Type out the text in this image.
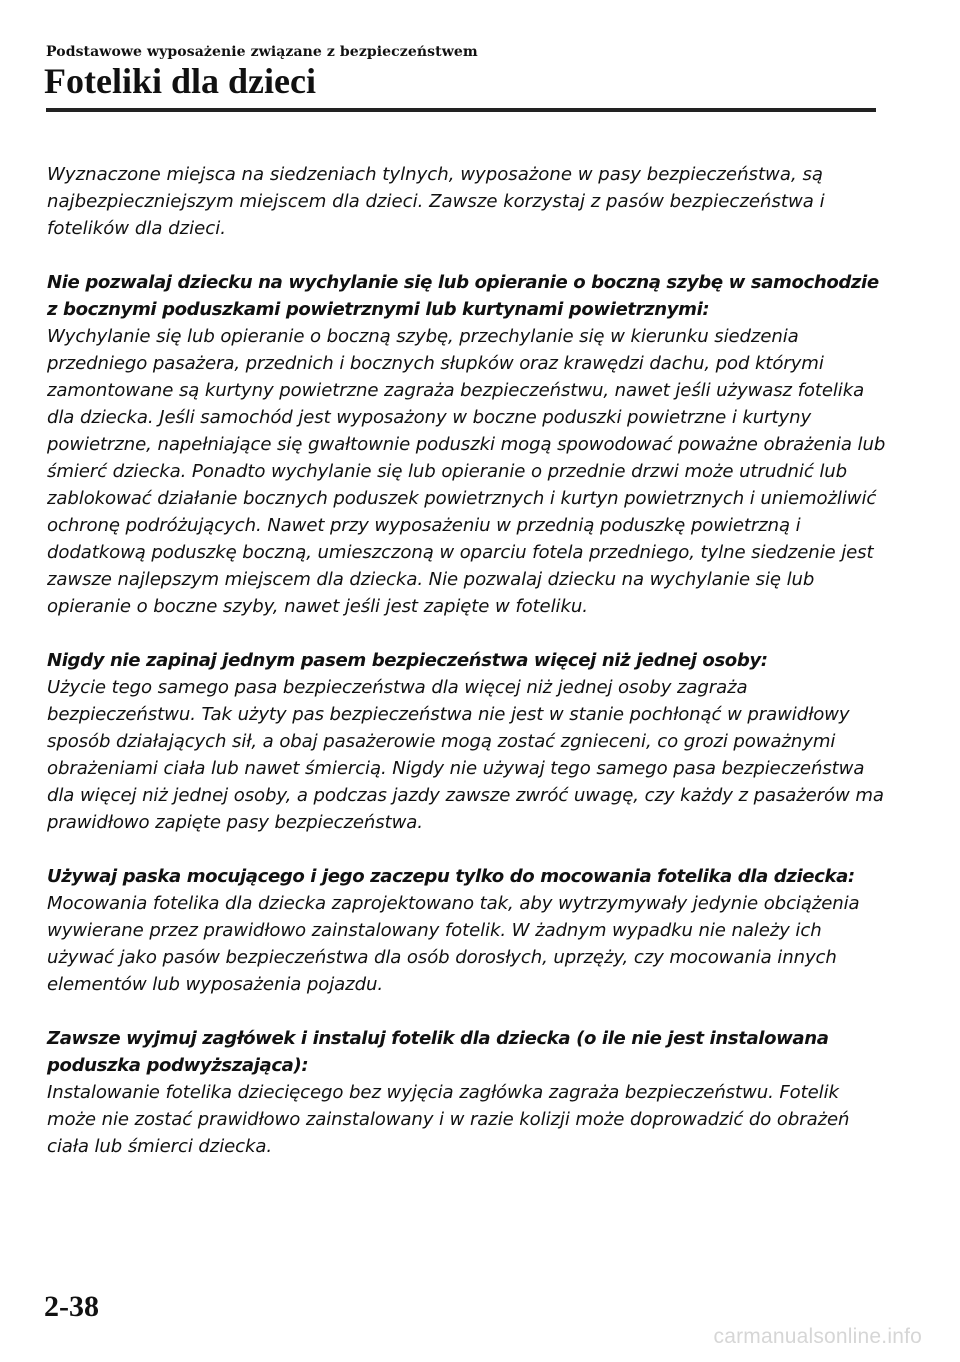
Podstawowe wyposażenie związane z bezpieczeństwem
Foteliki dla dzieci

Wyznaczone miejsca na siedzeniach tylnych, wyposażone w pasy bezpieczeństwa, są najbezpieczniejszym miejscem dla dzieci. Zawsze korzystaj z pasów bezpieczeństwa i fotelików dla dzieci.

Nie pozwalaj dziecku na wychylanie się lub opieranie o boczną szybę w samochodzie z bocznymi poduszkami powietrznymi lub kurtynami powietrznymi:

Wychylanie się lub opieranie o boczną szybę, przechylanie się w kierunku siedzenia przedniego pasażera, przednich i bocznych słupków oraz krawędzi dachu, pod którymi zamontowane są kurtyny powietrzne zagraża bezpieczeństwu, nawet jeśli używasz fotelika dla dziecka. Jeśli samochód jest wyposażony w boczne poduszki powietrzne i kurtyny powietrzne, napełniające się gwałtownie poduszki mogą spowodować poważne obrażenia lub śmierć dziecka. Ponadto wychylanie się lub opieranie o przednie drzwi może utrudnić lub zablokować działanie bocznych poduszek powietrznych i kurtyn powietrznych i uniemożliwić ochronę podróżujących. Nawet przy wyposażeniu w przednią poduszkę powietrzną i dodatkową poduszkę boczną, umieszczoną w oparciu fotela przedniego, tylne siedzenie jest zawsze najlepszym miejscem dla dziecka. Nie pozwalaj dziecku na wychylanie się lub opieranie o boczne szyby, nawet jeśli jest zapięte w foteliku.

Nigdy nie zapinaj jednym pasem bezpieczeństwa więcej niż jednej osoby:

Użycie tego samego pasa bezpieczeństwa dla więcej niż jednej osoby zagraża bezpieczeństwu. Tak użyty pas bezpieczeństwa nie jest w stanie pochłonąć w prawidłowy sposób działających sił, a obaj pasażerowie mogą zostać zgnieceni, co grozi poważnymi obrażeniami ciała lub nawet śmiercią. Nigdy nie używaj tego samego pasa bezpieczeństwa dla więcej niż jednej osoby, a podczas jazdy zawsze zwróć uwagę, czy każdy z pasażerów ma prawidłowo zapięte pasy bezpieczeństwa.

Używaj paska mocującego i jego zaczepu tylko do mocowania fotelika dla dziecka:

Mocowania fotelika dla dziecka zaprojektowano tak, aby wytrzymywały jedynie obciążenia wywierane przez prawidłowo zainstalowany fotelik. W żadnym wypadku nie należy ich używać jako pasów bezpieczeństwa dla osób dorosłych, uprzęży, czy mocowania innych elementów lub wyposażenia pojazdu.

Zawsze wyjmuj zagłówek i instaluj fotelik dla dziecka (o ile nie jest instalowana poduszka podwyższająca):

Instalowanie fotelika dziecięcego bez wyjęcia zagłówka zagraża bezpieczeństwu. Fotelik może nie zostać prawidłowo zainstalowany i w razie kolizji może doprowadzić do obrażeń ciała lub śmierci dziecka.

2-38
carmanualsonline.info
